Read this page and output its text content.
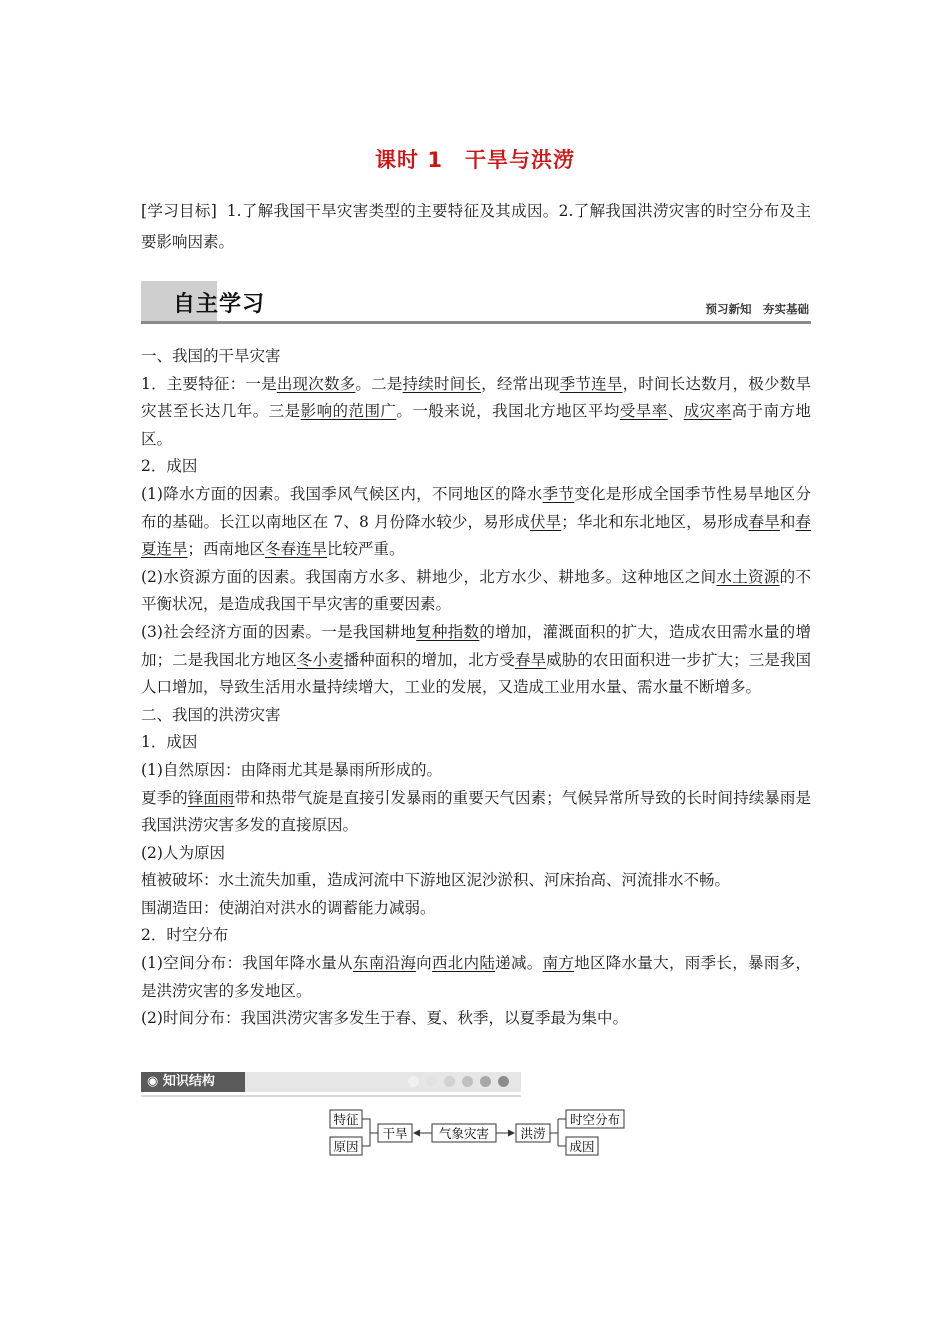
课时 1 干旱与洪涝
[学习目标] 1.了解我国干旱灾害类型的主要特征及其成因。2.了解我国洪涝灾害的时空分布及主要影响因素。
自主学习	预习新知　夯实基础

一、我国的干旱灾害

1．主要特征：一是出现次数多。二是持续时间长，经常出现季节连旱，时间长达数月，极少数旱灾甚至长达几年。三是影响的范围广。一般来说，我国北方地区平均受旱率、成灾率高于南方地区。

2．成因

(1)降水方面的因素。我国季风气候区内，不同地区的降水季节变化是形成全国季节性易旱地区分布的基础。长江以南地区在 7、8 月份降水较少，易形成伏旱；华北和东北地区，易形成春旱和春夏连旱；西南地区冬春连旱比较严重。

(2)水资源方面的因素。我国南方水多、耕地少，北方水少、耕地多。这种地区之间水土资源的不平衡状况，是造成我国干旱灾害的重要因素。

(3)社会经济方面的因素。一是我国耕地复种指数的增加，灌溉面积的扩大，造成农田需水量的增加；二是我国北方地区冬小麦播种面积的增加，北方受春旱威胁的农田面积进一步扩大；三是我国人口增加，导致生活用水量持续增大，工业的发展，又造成工业用水量、需水量不断增多。

二、我国的洪涝灾害

1．成因

(1)自然原因：由降雨尤其是暴雨所形成的。

夏季的锋面雨带和热带气旋是直接引发暴雨的重要天气因素；气候异常所导致的长时间持续暴雨是我国洪涝灾害多发的直接原因。

(2)人为原因

植被破坏：水土流失加重，造成河流中下游地区泥沙淤积、河床抬高、河流排水不畅。

围湖造田：使湖泊对洪水的调蓄能力减弱。

2．时空分布

(1)空间分布：我国年降水量从东南沿海向西北内陆递减。南方地区降水量大，雨季长，暴雨多，是洪涝灾害的多发地区。

(2)时间分布：我国洪涝灾害多发生于春、夏、秋季，以夏季最为集中。

◉ 知识结构
特征
原因
干旱	气象灾害	洪涝
时空分布
成因
